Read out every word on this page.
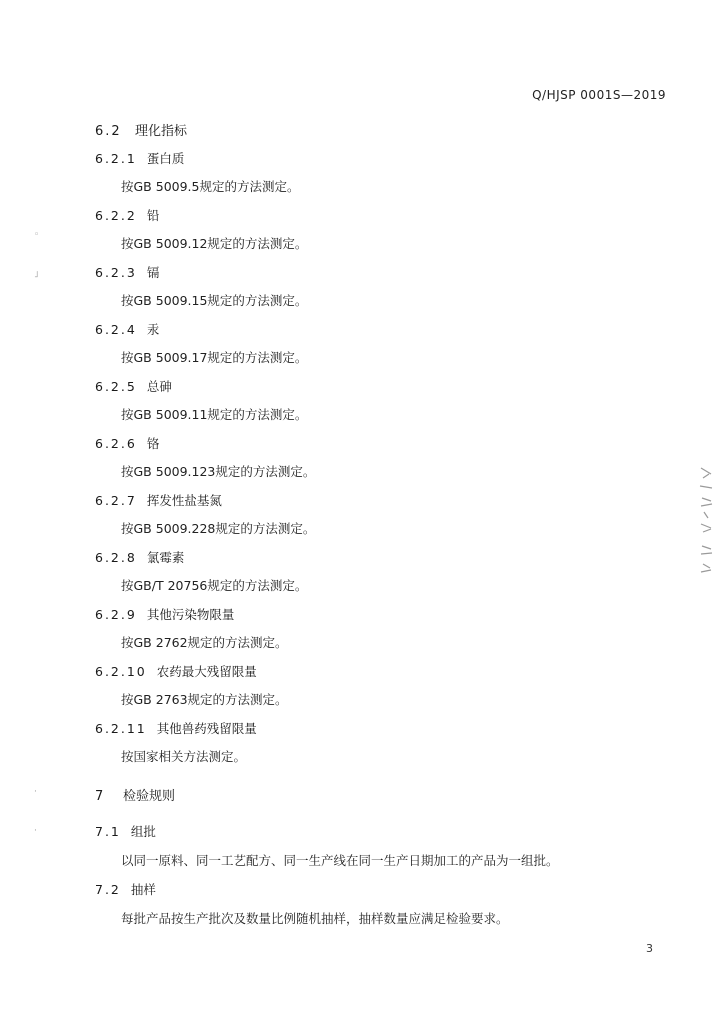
Q/HJSP 0001S—2019
6.2 理化指标
6.2.1 蛋白质
按GB 5009.5规定的方法测定。
6.2.2 铅
按GB 5009.12规定的方法测定。
6.2.3 镉
按GB 5009.15规定的方法测定。
6.2.4 汞
按GB 5009.17规定的方法测定。
6.2.5 总砷
按GB 5009.11规定的方法测定。
6.2.6 铬
按GB 5009.123规定的方法测定。
6.2.7 挥发性盐基氮
按GB 5009.228规定的方法测定。
6.2.8 氯霉素
按GB/T 20756规定的方法测定。
6.2.9 其他污染物限量
按GB 2762规定的方法测定。
6.2.10 农药最大残留限量
按GB 2763规定的方法测定。
6.2.11 其他兽药残留限量
按国家相关方法测定。
7 检验规则
7.1 组批
以同一原料、同一工艺配方、同一生产线在同一生产日期加工的产品为一组批。
7.2 抽样
每批产品按生产批次及数量比例随机抽样，抽样数量应满足检验要求。
3
◦
˩
·
·
